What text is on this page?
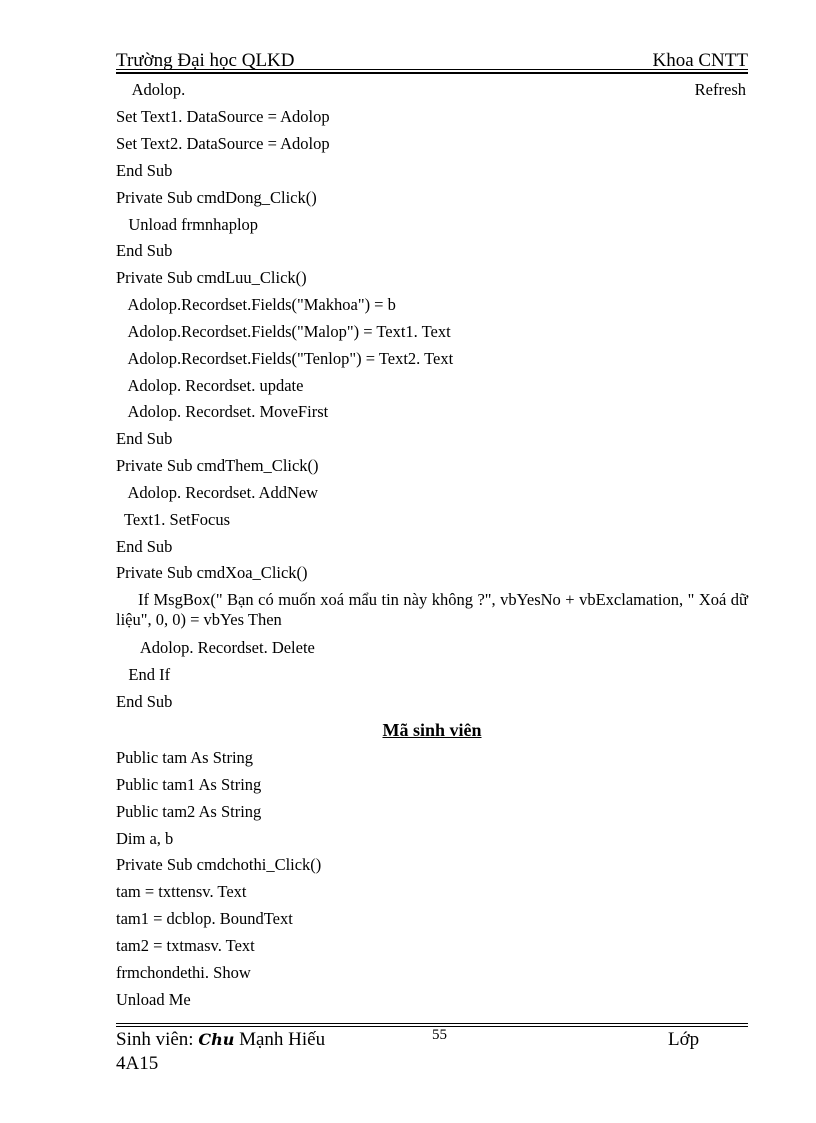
Trường Đại học QLKD	Khoa CNTT
Adolop.	Refresh
Set Text1. DataSource = Adolop
Set Text2. DataSource = Adolop
End Sub
Private Sub cmdDong_Click()
Unload frmnhaplop
End Sub
Private Sub cmdLuu_Click()
Adolop.Recordset.Fields("Makhoa") = b
Adolop.Recordset.Fields("Malop") = Text1. Text
Adolop.Recordset.Fields("Tenlop") = Text2. Text
Adolop. Recordset. update
Adolop. Recordset. MoveFirst
End Sub
Private Sub cmdThem_Click()
Adolop. Recordset. AddNew
Text1. SetFocus
End Sub
Private Sub cmdXoa_Click()
If MsgBox(" Bạn có muốn xoá mẩu tin này không ?", vbYesNo + vbExclamation, " Xoá dữ liệu", 0, 0) = vbYes Then
Adolop. Recordset. Delete
End If
End Sub
Mã sinh viên
Public tam As String
Public tam1 As String
Public tam2 As String
Dim a, b
Private Sub cmdchothi_Click()
tam = txttensv. Text
tam1 = dcblop. BoundText
tam2 = txtmasv. Text
frmchondethi. Show
Unload Me
Sinh viên: Chu Mạnh Hiếu	55	Lớp
4A15
